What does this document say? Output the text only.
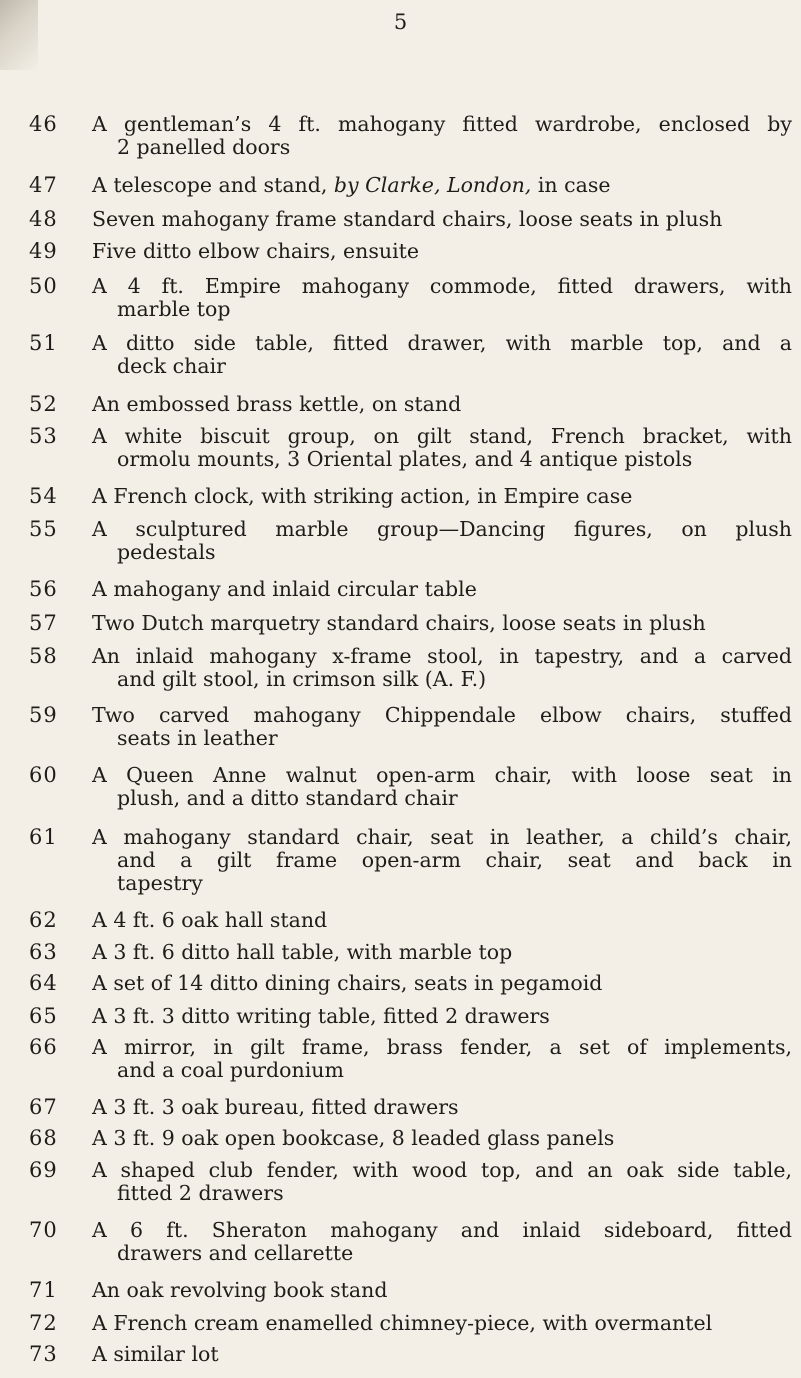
5
46	A gentleman’s 4 ft. mahogany fitted wardrobe, enclosed by
2 panelled doors
47	A telescope and stand, by Clarke, London, in case
48	Seven mahogany frame standard chairs, loose seats in plush
49	Five ditto elbow chairs, ensuite
50	A 4 ft. Empire mahogany commode, fitted drawers, with
marble top
51	A ditto side table, fitted drawer, with marble top, and a
deck chair
52	An embossed brass kettle, on stand
53	A white biscuit group, on gilt stand, French bracket, with
ormolu mounts, 3 Oriental plates, and 4 antique pistols
54	A French clock, with striking action, in Empire case
55	A sculptured marble group—Dancing figures, on plush
pedestals
56	A mahogany and inlaid circular table
57	Two Dutch marquetry standard chairs, loose seats in plush
58	An inlaid mahogany x-frame stool, in tapestry, and a carved
and gilt stool, in crimson silk (A. F.)
59	Two carved mahogany Chippendale elbow chairs, stuffed
seats in leather
60	A Queen Anne walnut open-arm chair, with loose seat in
plush, and a ditto standard chair
61	A mahogany standard chair, seat in leather, a child’s chair,
and a gilt frame open-arm chair, seat and back in
tapestry
62	A 4 ft. 6 oak hall stand
63	A 3 ft. 6 ditto hall table, with marble top
64	A set of 14 ditto dining chairs, seats in pegamoid
65	A 3 ft. 3 ditto writing table, fitted 2 drawers
66	A mirror, in gilt frame, brass fender, a set of implements,
and a coal purdonium
67	A 3 ft. 3 oak bureau, fitted drawers
68	A 3 ft. 9 oak open bookcase, 8 leaded glass panels
69	A shaped club fender, with wood top, and an oak side table,
fitted 2 drawers
70	A 6 ft. Sheraton mahogany and inlaid sideboard, fitted
drawers and cellarette
71	An oak revolving book stand
72	A French cream enamelled chimney-piece, with overmantel
73	A similar lot
